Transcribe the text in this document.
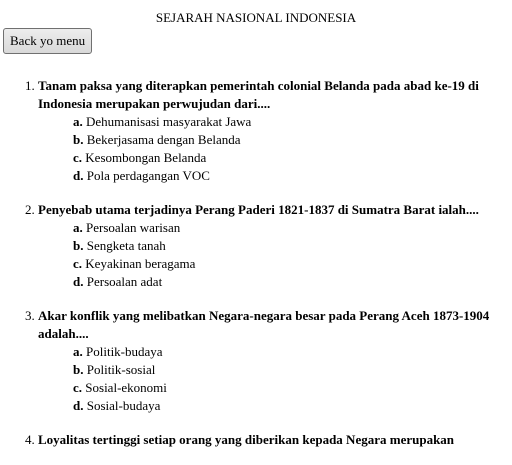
SEJARAH NASIONAL INDONESIA
Back yo menu
1. Tanam paksa yang diterapkan pemerintah colonial Belanda pada abad ke-19 di Indonesia merupakan perwujudan dari....
a. Dehumanisasi masyarakat Jawa
b. Bekerjasama dengan Belanda
c. Kesombongan Belanda
d. Pola perdagangan VOC
2. Penyebab utama terjadinya Perang Paderi 1821-1837 di Sumatra Barat ialah....
a. Persoalan warisan
b. Sengketa tanah
c. Keyakinan beragama
d. Persoalan adat
3. Akar konflik yang melibatkan Negara-negara besar pada Perang Aceh 1873-1904 adalah....
a. Politik-budaya
b. Politik-sosial
c. Sosial-ekonomi
d. Sosial-budaya
4. Loyalitas tertinggi setiap orang yang diberikan kepada Negara merupakan
